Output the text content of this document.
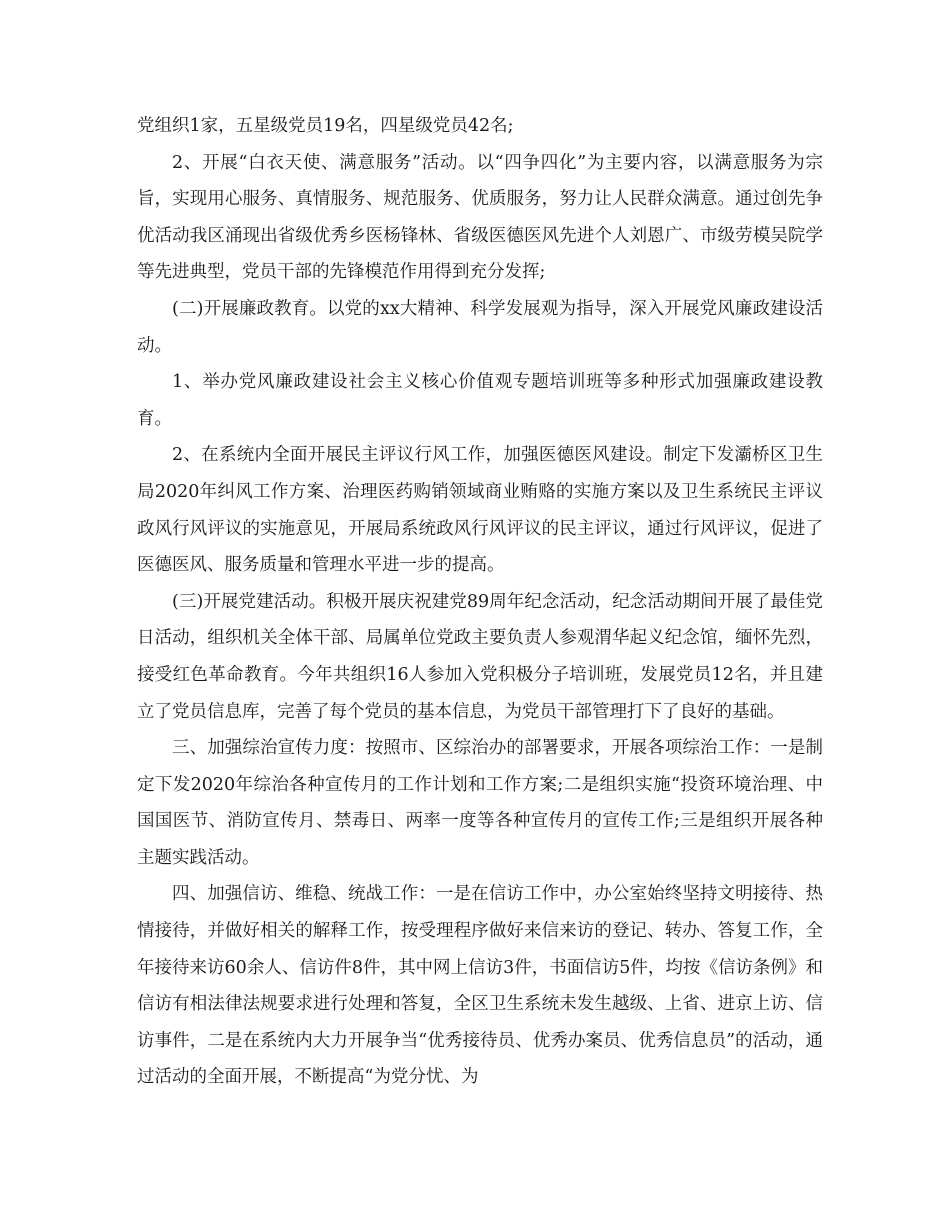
党组织1家，五星级党员19名，四星级党员42名;

2、开展“白衣天使、满意服务”活动。以“四争四化”为主要内容，以满意服务为宗旨，实现用心服务、真情服务、规范服务、优质服务，努力让人民群众满意。通过创先争优活动我区涌现出省级优秀乡医杨锋林、省级医德医风先进个人刘恩广、市级劳模吴院学等先进典型，党员干部的先锋模范作用得到充分发挥;

(二)开展廉政教育。以党的xx大精神、科学发展观为指导，深入开展党风廉政建设活动。

1、举办党风廉政建设社会主义核心价值观专题培训班等多种形式加强廉政建设教育。

2、在系统内全面开展民主评议行风工作，加强医德医风建设。制定下发灞桥区卫生局2020年纠风工作方案、治理医药购销领域商业贿赂的实施方案以及卫生系统民主评议政风行风评议的实施意见，开展局系统政风行风评议的民主评议，通过行风评议，促进了医德医风、服务质量和管理水平进一步的提高。

(三)开展党建活动。积极开展庆祝建党89周年纪念活动，纪念活动期间开展了最佳党日活动，组织机关全体干部、局属单位党政主要负责人参观渭华起义纪念馆，缅怀先烈，接受红色革命教育。今年共组织16人参加入党积极分子培训班，发展党员12名，并且建立了党员信息库，完善了每个党员的基本信息，为党员干部管理打下了良好的基础。

三、加强综治宣传力度：按照市、区综治办的部署要求，开展各项综治工作：一是制定下发2020年综治各种宣传月的工作计划和工作方案;二是组织实施“投资环境治理、中国国医节、消防宣传月、禁毒日、两率一度等各种宣传月的宣传工作;三是组织开展各种主题实践活动。

四、加强信访、维稳、统战工作：一是在信访工作中，办公室始终坚持文明接待、热情接待，并做好相关的解释工作，按受理程序做好来信来访的登记、转办、答复工作，全年接待来访60余人、信访件8件，其中网上信访3件，书面信访5件，均按《信访条例》和信访有相法律法规要求进行处理和答复，全区卫生系统未发生越级、上省、进京上访、信访事件，二是在系统内大力开展争当“优秀接待员、优秀办案员、优秀信息员”的活动，通过活动的全面开展，不断提高“为党分忧、为
